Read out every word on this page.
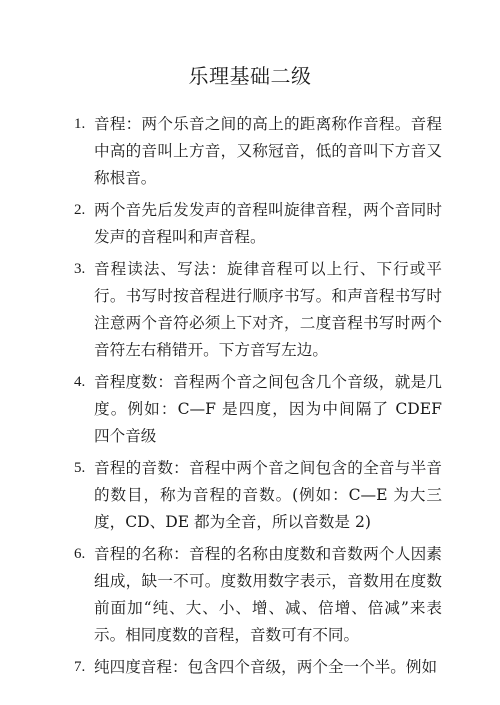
乐理基础二级
1. 音程：两个乐音之间的高上的距离称作音程。音程中高的音叫上方音，又称冠音，低的音叫下方音又称根音。
2. 两个音先后发发声的音程叫旋律音程，两个音同时发声的音程叫和声音程。
3. 音程读法、写法：旋律音程可以上行、下行或平行。书写时按音程进行顺序书写。和声音程书写时注意两个音符必须上下对齐，二度音程书写时两个音符左右稍错开。下方音写左边。
4. 音程度数：音程两个音之间包含几个音级，就是几度。例如：C—F 是四度，因为中间隔了 CDEF 四个音级
5. 音程的音数：音程中两个音之间包含的全音与半音的数目，称为音程的音数。(例如：C—E 为大三度，CD、DE 都为全音，所以音数是 2)
6. 音程的名称：音程的名称由度数和音数两个人因素组成，缺一不可。度数用数字表示，音数用在度数前面加“纯、大、小、增、减、倍增、倍减”来表示。相同度数的音程，音数可有不同。
7. 纯四度音程：包含四个音级，两个全一个半。例如
